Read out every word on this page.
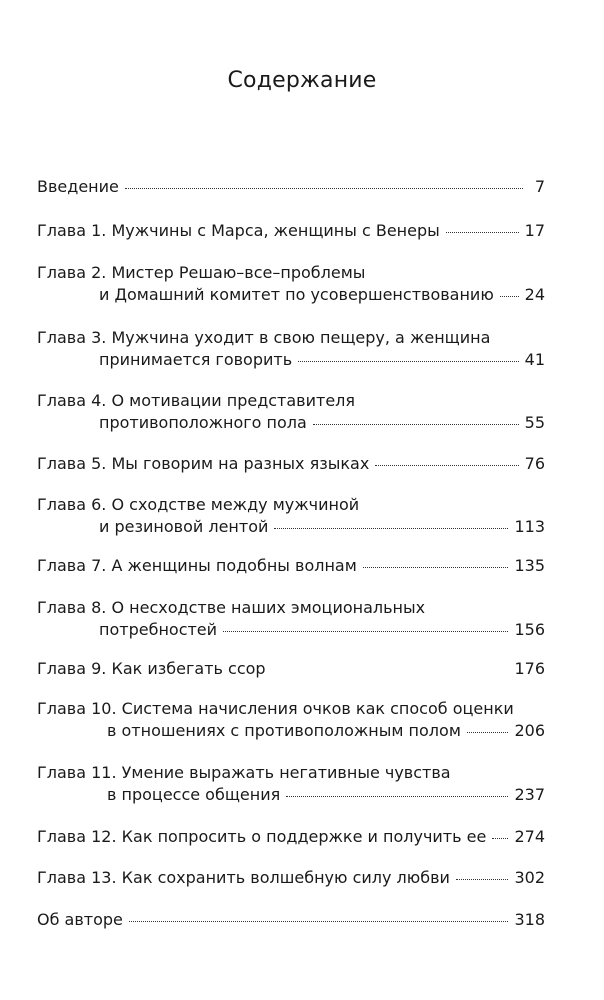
Содержание
Введение	7
Глава 1. Мужчины с Марса, женщины с Венеры	17
Глава 2. Мистер Решаю–все–проблемы
и Домашний комитет по усовершенствованию 24
Глава 3. Мужчина уходит в свою пещеру, а женщина
принимается говорить	41
Глава 4. О мотивации представителя
противоположного пола	55
Глава 5. Мы говорим на разных языках	76
Глава 6. О сходстве между мужчиной
и резиновой лентой	113
Глава 7. А женщины подобны волнам	135
Глава 8. О несходстве наших эмоциональных
потребностей	156
Глава 9. Как избегать ссор	176
Глава 10. Система начисления очков как способ оценки
в отношениях с противоположным полом	206
Глава 11. Умение выражать негативные чувства
в процессе общения	237
Глава 12. Как попросить о поддержке и получить ее 274
Глава 13. Как сохранить волшебную силу любви	302
Об авторе	318
